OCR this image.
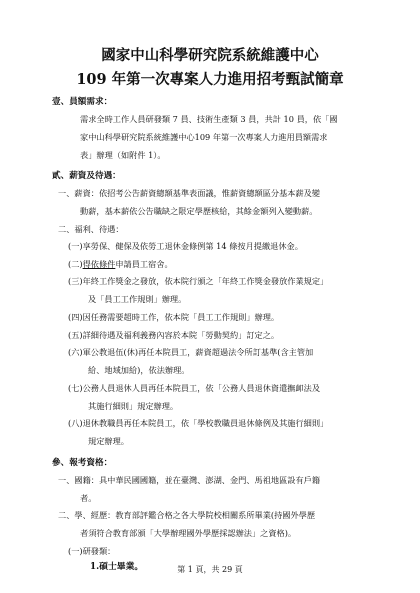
國家中山科學研究院系統維護中心
109 年第一次專案人力進用招考甄試簡章
壹、員額需求：
需求全時工作人員研發類 7 員、技術生產類 3 員，共計 10 員，依「國
家中山科學研究院系統維護中心109 年第一次專案人力進用員額需求
表」辦理（如附件 1）。
貳、薪資及待遇：
一、薪資：依招考公告薪資總額基準表面議，惟薪資總額區分基本薪及變
動薪，基本薪依公告職缺之限定學歷核給，其餘金額列入變動薪。
二、福利、待遇：
(一)享勞保、健保及依勞工退休金條例第 14 條按月提繳退休金。
(二)得依條件申請員工宿舍。
(三)年終工作獎金之發放，依本院行頒之「年終工作獎金發放作業規定」
及「員工工作規則」辦理。
(四)因任務需要超時工作，依本院「員工工作規則」辦理。
(五)詳細待遇及福利義務內容於本院「勞動契約」訂定之。
(六)軍公教退伍(休)再任本院員工，薪資超過法令所訂基準(含主管加
給、地域加給)，依法辦理。
(七)公務人員退休人員再任本院員工，依「公務人員退休資遣撫卹法及
其施行細則」規定辦理。
(八)退休教職員再任本院員工，依「學校教職員退休條例及其施行細則」
規定辦理。
參、報考資格：
一、國籍：具中華民國國籍，並在臺灣、澎湖、金門、馬祖地區設有戶籍
者。
二、學、經歷：教育部評鑑合格之各大學院校相關系所畢業(持國外學歷
者須符合教育部頒「大學辦理國外學歷採認辦法」之資格)。
(一)研發類：
1.碩士畢業。	第 1 頁，共 29 頁
